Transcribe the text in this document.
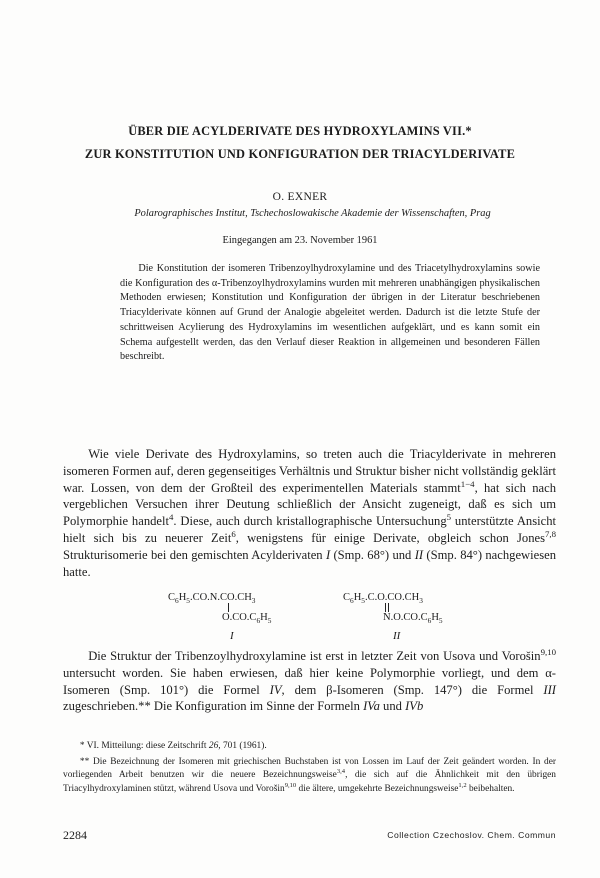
ÜBER DIE ACYLDERIVATE DES HYDROXYLAMINS VII.*
ZUR KONSTITUTION UND KONFIGURATION DER TRIACYLDERIVATE
O. EXNER
Polarographisches Institut, Tschechoslowakische Akademie der Wissenschaften, Prag
Eingegangen am 23. November 1961
Die Konstitution der isomeren Tribenzoylhydroxylamine und des Triacetylhydroxylamins sowie die Konfiguration des α-Tribenzoylhydroxylamins wurden mit mehreren unabhängigen physikalischen Methoden erwiesen; Konstitution und Konfiguration der übrigen in der Literatur beschriebenen Triacylderivate können auf Grund der Analogie abgeleitet werden. Dadurch ist die letzte Stufe der schrittweisen Acylierung des Hydroxylamins im wesentlichen aufgeklärt, und es kann somit ein Schema aufgestellt werden, das den Verlauf dieser Reaktion in allgemeinen und besonderen Fällen beschreibt.
Wie viele Derivate des Hydroxylamins, so treten auch die Triacylderivate in mehreren isomeren Formen auf, deren gegenseitiges Verhältnis und Struktur bisher nicht vollständig geklärt war. Lossen, von dem der Großteil des experimentellen Materials stammt$^{1-4}$, hat sich nach vergeblichen Versuchen ihrer Deutung schließlich der Ansicht zugeneigt, daß es sich um Polymorphie handelt$^4$. Diese, auch durch kristallographische Untersuchung$^5$ unterstützte Ansicht hielt sich bis zu neuerer Zeit$^6$, wenigstens für einige Derivate, obgleich schon Jones$^{7,8}$ Strukturisomerie bei den gemischten Acylderivaten I (Smp. 68°) und II (Smp. 84°) nachgewiesen hatte.
$C_6H_5.CO.N.CO.CH_3$
$O.CO.C_6H_5$
I
$C_6H_5.C.O.CO.CH_3$
$N.O.CO.C_6H_5$
II
Die Struktur der Tribenzoylhydroxylamine ist erst in letzter Zeit von Usova und Vorošin$^{9,10}$ untersucht worden. Sie haben erwiesen, daß hier keine Polymorphie vorliegt, und dem α-Isomeren (Smp. 101°) die Formel IV, dem β-Isomeren (Smp. 147°) die Formel III zugeschrieben.** Die Konfiguration im Sinne der Formeln IVa und IVb

* VI. Mitteilung: diese Zeitschrift 26, 701 (1961).

** Die Bezeichnung der Isomeren mit griechischen Buchstaben ist von Lossen im Lauf der Zeit geändert worden. In der vorliegenden Arbeit benutzen wir die neuere Bezeichnungsweise$^{3,4}$, die sich auf die Ähnlichkeit mit den übrigen Triacylhydroxylaminen stützt, während Usova und Vorošin$^{9,10}$ die ältere, umgekehrte Bezeichnungsweise$^{1,2}$ beibehalten.

2284	Collection Czechoslov. Chem. Commun
